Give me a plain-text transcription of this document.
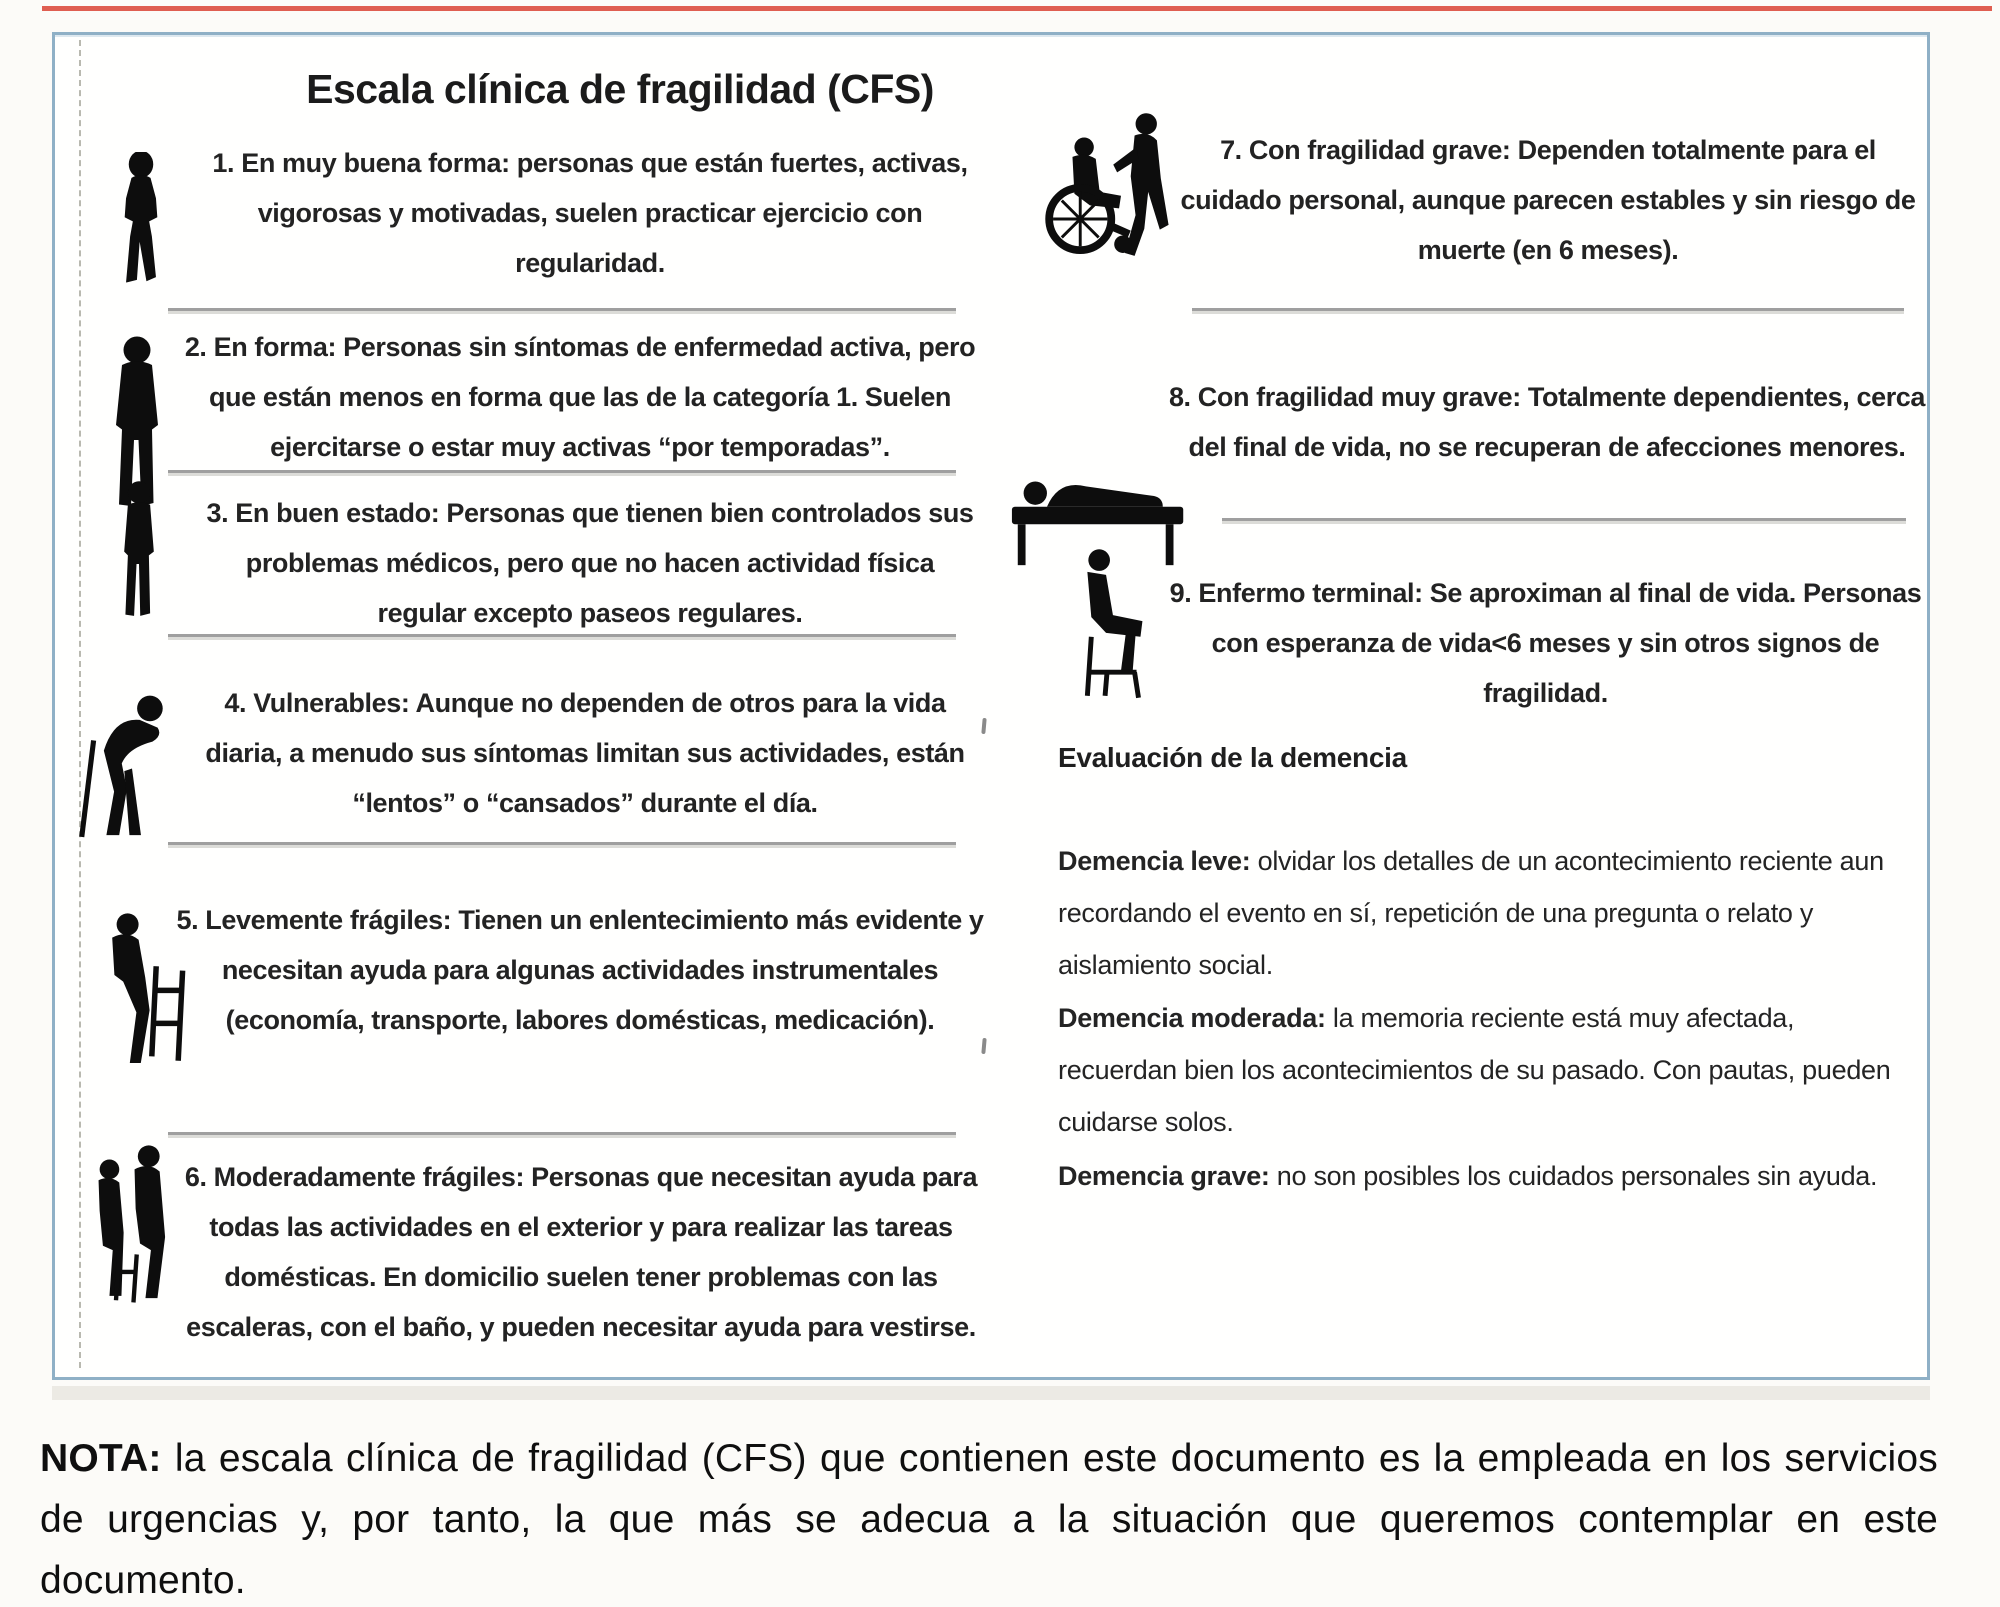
Escala clínica de fragilidad (CFS)
1. En muy buena forma: personas que están fuertes, activas, vigorosas y motivadas, suelen practicar ejercicio con regularidad.
2. En forma: Personas sin síntomas de enfermedad activa, pero que están menos en forma que las de la categoría 1. Suelen ejercitarse o estar muy activas “por temporadas”.
3. En buen estado: Personas que tienen bien controlados sus problemas médicos, pero que no hacen actividad física regular excepto paseos regulares.
4. Vulnerables: Aunque no dependen de otros para la vida diaria, a menudo sus síntomas limitan sus actividades, están “lentos” o “cansados” durante el día.
5. Levemente frágiles: Tienen un enlentecimiento más evidente y necesitan ayuda para algunas actividades instrumentales (economía, transporte, labores domésticas, medicación).
6. Moderadamente frágiles: Personas que necesitan ayuda para todas las actividades en el exterior y para realizar las tareas domésticas. En domicilio suelen tener problemas con las escaleras, con el baño, y pueden necesitar ayuda para vestirse.
7. Con fragilidad grave: Dependen totalmente para el cuidado personal, aunque parecen estables y sin riesgo de muerte (en 6 meses).
8. Con fragilidad muy grave: Totalmente dependientes, cerca del final de vida, no se recuperan de afecciones menores.
9. Enfermo terminal: Se aproximan al final de vida. Personas con esperanza de vida<6 meses y sin otros signos de fragilidad.
Evaluación de la demencia
Demencia leve: olvidar los detalles de un acontecimiento reciente aun recordando el evento en sí, repetición de una pregunta o relato y aislamiento social.
Demencia moderada: la memoria reciente está muy afectada, recuerdan bien los acontecimientos de su pasado. Con pautas, pueden cuidarse solos.
Demencia grave: no son posibles los cuidados personales sin ayuda.
NOTA: la escala clínica de fragilidad (CFS) que contienen este documento es la empleada en los servicios de urgencias y, por tanto, la que más se adecua a la situación que queremos contemplar en este documento.
